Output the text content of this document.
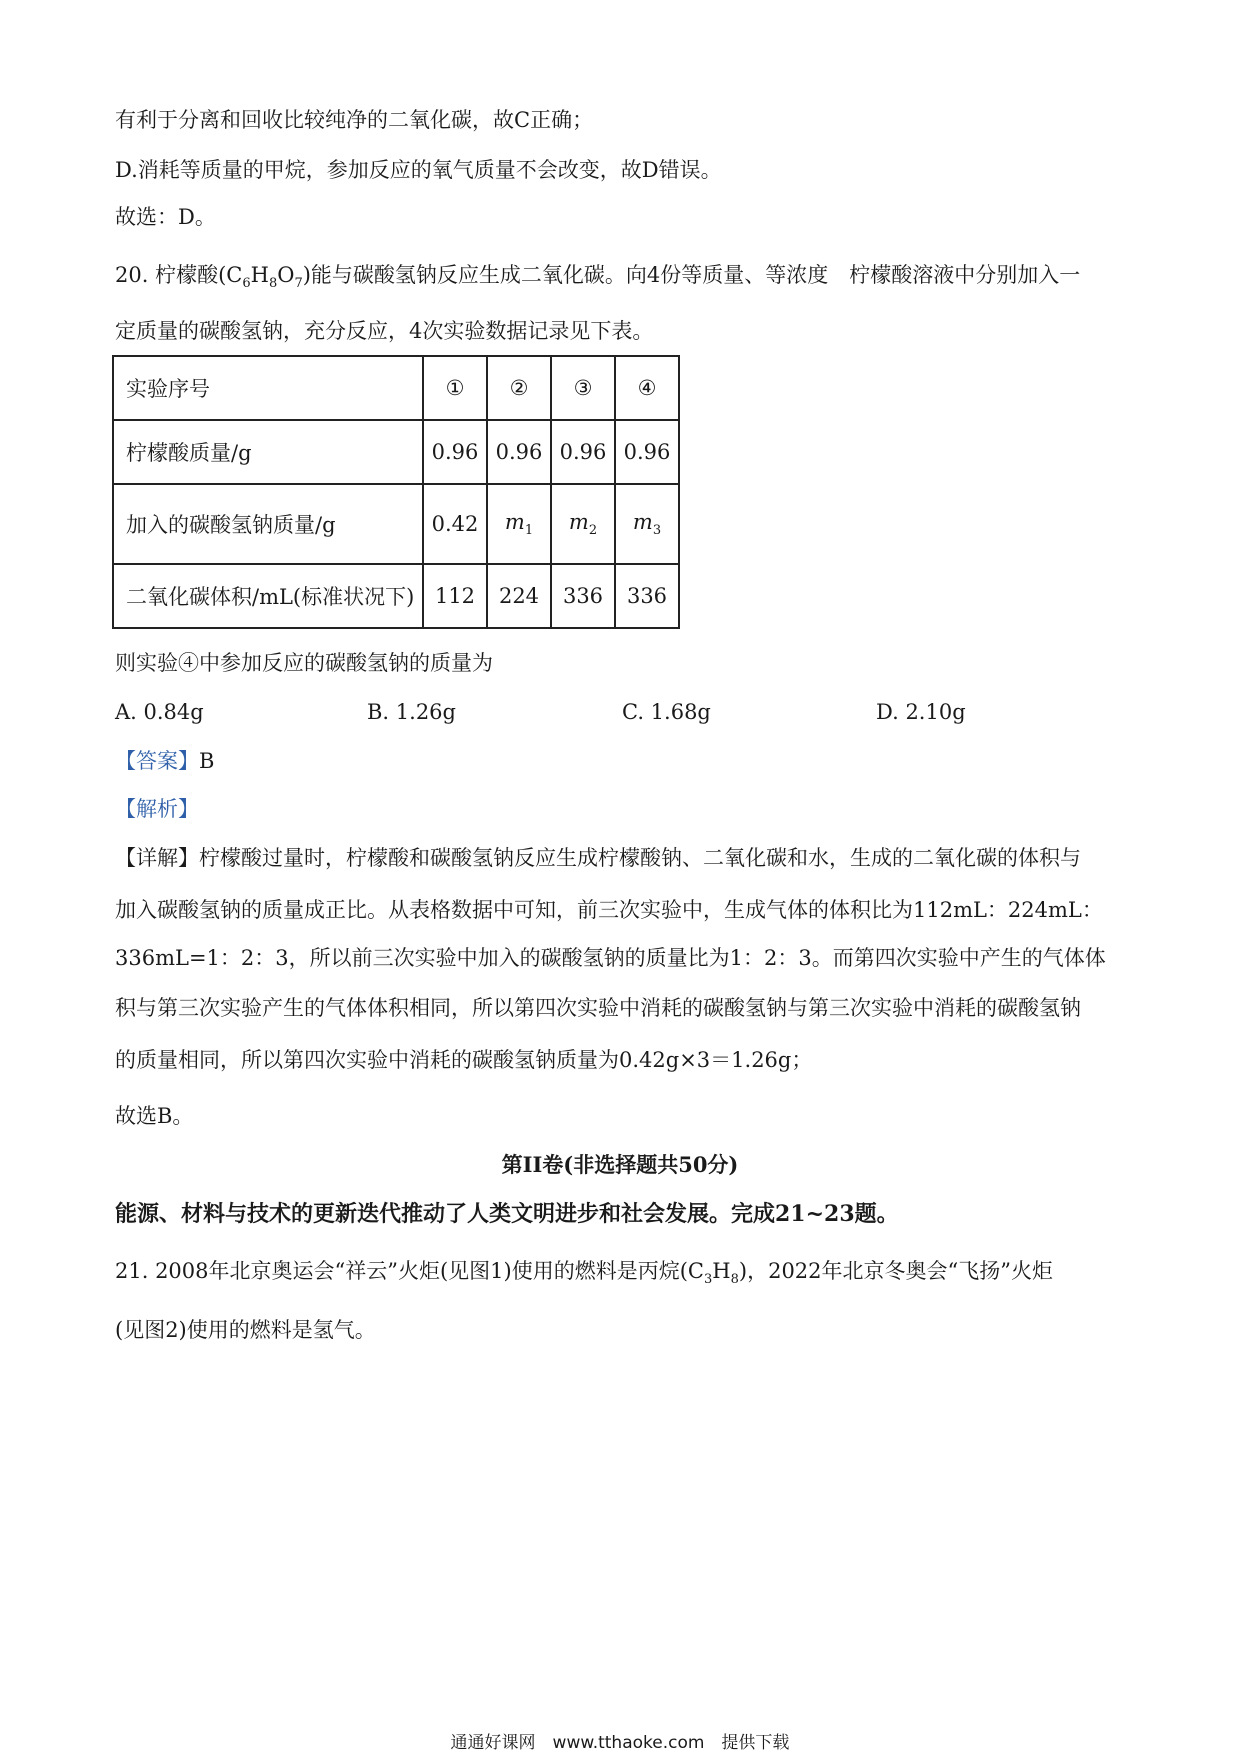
有利于分离和回收比较纯净的二氧化碳，故C正确；
D.消耗等质量的甲烷，参加反应的氧气质量不会改变，故D错误。
故选：D。
20. 柠檬酸$(C_6H_8O_7)$能与碳酸氢钠反应生成二氧化碳。向4份等质量、等浓度　柠檬酸溶液中分别加入一
定质量的碳酸氢钠，充分反应，4次实验数据记录见下表。
实验序号	①	②	③	④
柠檬酸质量/g	0.96	0.96	0.96	0.96
加入的碳酸氢钠质量/g	0.42	$m_1$	$m_2$	$m_3$
二氧化碳体积/mL(标准状况下)	112	224	336	336
则实验④中参加反应的碳酸氢钠的质量为
A. 0.84g	B. 1.26g	C. 1.68g	D. 2.10g
【答案】B
【解析】
【详解】柠檬酸过量时，柠檬酸和碳酸氢钠反应生成柠檬酸钠、二氧化碳和水，生成的二氧化碳的体积与
加入碳酸氢钠的质量成正比。从表格数据中可知，前三次实验中，生成气体的体积比为112mL：224mL：
336mL=1：2：3，所以前三次实验中加入的碳酸氢钠的质量比为1：2：3。而第四次实验中产生的气体体
积与第三次实验产生的气体体积相同，所以第四次实验中消耗的碳酸氢钠与第三次实验中消耗的碳酸氢钠
的质量相同，所以第四次实验中消耗的碳酸氢钠质量为0.42g×3＝1.26g；
故选B。
第II卷(非选择题共50分)
能源、材料与技术的更新迭代推动了人类文明进步和社会发展。完成21~23题。
21. 2008年北京奥运会“祥云”火炬(见图1)使用的燃料是丙烷$(C_3H_8)$，2022年北京冬奥会“飞扬”火炬
(见图2)使用的燃料是氢气。
通通好课网　www.tthaoke.com　提供下载
